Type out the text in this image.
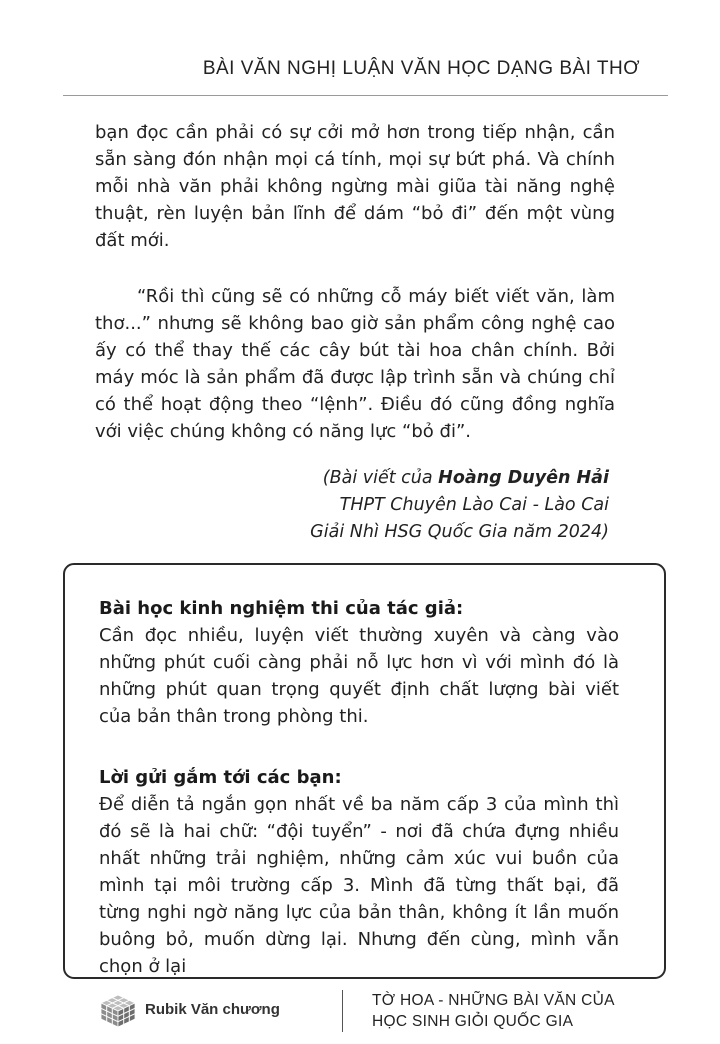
BÀI VĂN NGHỊ LUẬN VĂN HỌC DẠNG BÀI THƠ

bạn đọc cần phải có sự cởi mở hơn trong tiếp nhận, cần sẵn sàng đón nhận mọi cá tính, mọi sự bứt phá. Và chính mỗi nhà văn phải không ngừng mài giũa tài năng nghệ thuật, rèn luyện bản lĩnh để dám “bỏ đi” đến một vùng đất mới.

“Rồi thì cũng sẽ có những cỗ máy biết viết văn, làm thơ...” nhưng sẽ không bao giờ sản phẩm công nghệ cao ấy có thể thay thế các cây bút tài hoa chân chính. Bởi máy móc là sản phẩm đã được lập trình sẵn và chúng chỉ có thể hoạt động theo “lệnh”. Điều đó cũng đồng nghĩa với việc chúng không có năng lực “bỏ đi”.

(Bài viết của Hoàng Duyên Hải
THPT Chuyên Lào Cai - Lào Cai
Giải Nhì HSG Quốc Gia năm 2024)
Bài học kinh nghiệm thi của tác giả:

Cần đọc nhiều, luyện viết thường xuyên và càng vào những phút cuối càng phải nỗ lực hơn vì với mình đó là những phút quan trọng quyết định chất lượng bài viết của bản thân trong phòng thi.

Lời gửi gắm tới các bạn:

Để diễn tả ngắn gọn nhất về ba năm cấp 3 của mình thì đó sẽ là hai chữ: “đội tuyển” - nơi đã chứa đựng nhiều nhất những trải nghiệm, những cảm xúc vui buồn của mình tại môi trường cấp 3. Mình đã từng thất bại, đã từng nghi ngờ năng lực của bản thân, không ít lần muốn buông bỏ, muốn dừng lại. Nhưng đến cùng, mình vẫn chọn ở lại

Rubik Văn chương
TỜ HOA - NHỮNG BÀI VĂN CỦA
HỌC SINH GIỎI QUỐC GIA
